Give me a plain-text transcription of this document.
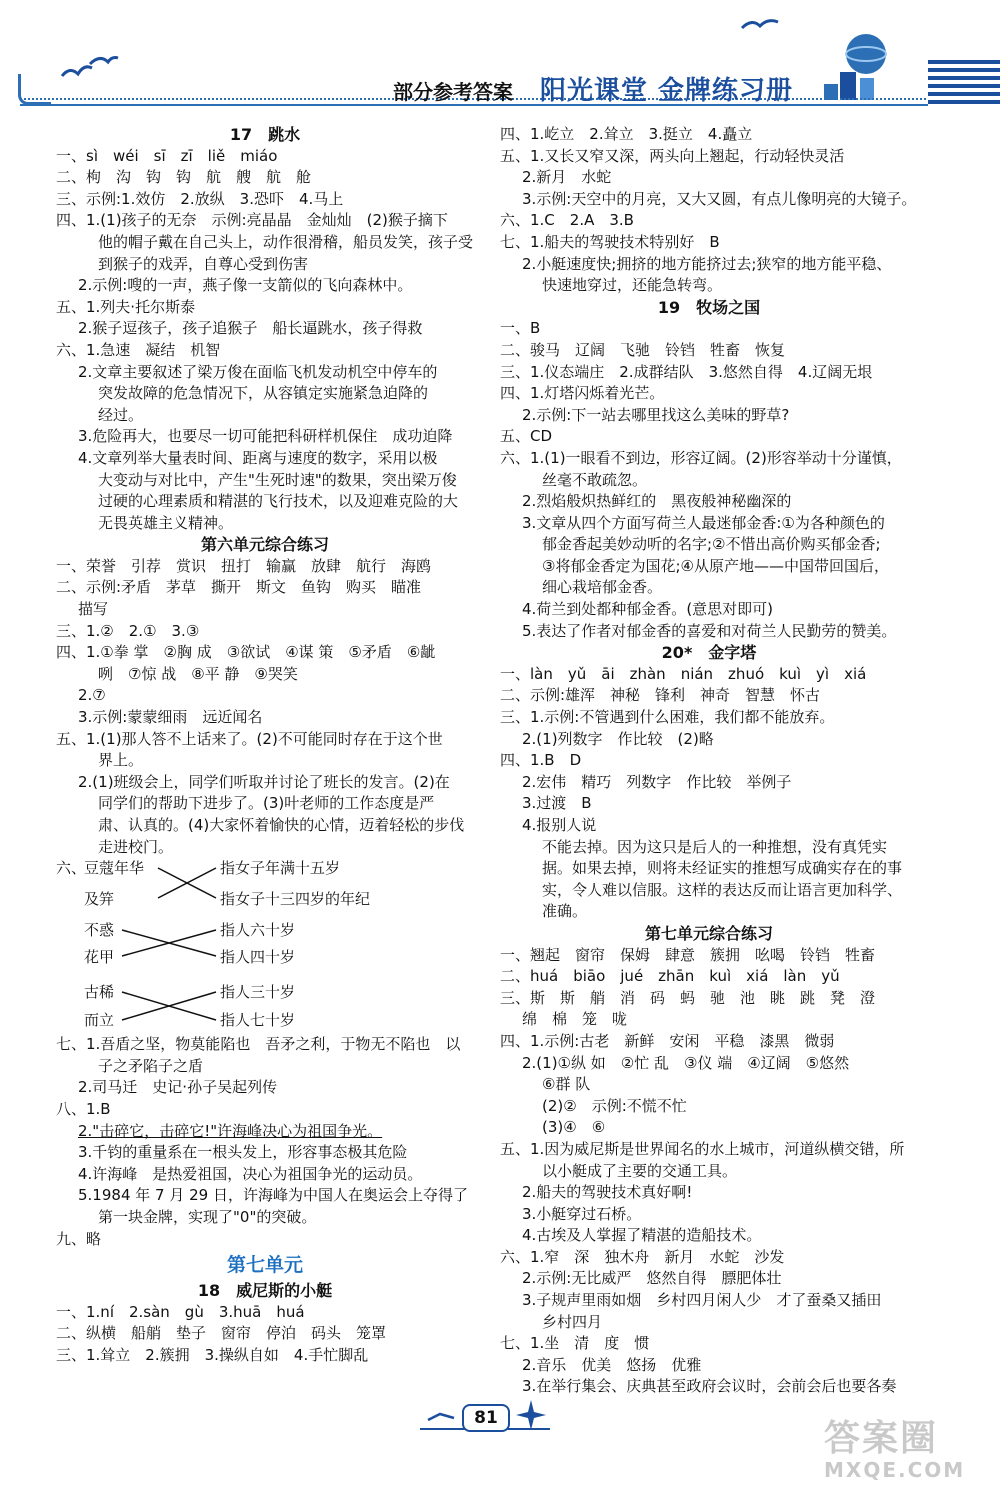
部分参考答案 阳光课堂 金牌练习册
17　跳水
一、sì　wéi　sī　zī　liě　miáo
二、枸　沟　钩　钩　航　艘　航　舱
三、示例:1.效仿　2.放纵　3.恐吓　4.马上
四、1.(1)孩子的无奈　示例:亮晶晶　金灿灿　(2)猴子摘下
他的帽子戴在自己头上，动作很滑稽，船员发笑，孩子受
到猴子的戏弄，自尊心受到伤害
2.示例:嗖的一声，燕子像一支箭似的飞向森林中。
五、1.列夫·托尔斯泰
2.猴子逗孩子，孩子追猴子　船长逼跳水，孩子得救
六、1.急速　凝结　机智
2.文章主要叙述了梁万俊在面临飞机发动机空中停车的
突发故障的危急情况下，从容镇定实施紧急迫降的
经过。
3.危险再大，也要尽一切可能把科研样机保住　成功迫降
4.文章列举大量表时间、距离与速度的数字，采用以极
大变动与对比中，产生"生死时速"的数果，突出梁万俊
过硬的心理素质和精湛的飞行技术，以及迎难克险的大
无畏英雄主义精神。
第六单元综合练习
一、荣誉　引荐　赏识　扭打　输赢　放肆　航行　海鸥
二、示例:矛盾　茅草　撕开　斯文　鱼钩　购买　瞄准
描写
三、1.②　2.①　3.③
四、1.①拳 掌　②胸 成　③欲试　④谋 策　⑤矛盾　⑥龇
咧　⑦惊 战　⑧平 静　⑨哭笑
2.⑦
3.示例:蒙蒙细雨　远近闻名
五、1.(1)那人答不上话来了。(2)不可能同时存在于这个世
界上。
2.(1)班级会上，同学们听取并讨论了班长的发言。(2)在
同学们的帮助下进步了。(3)叶老师的工作态度是严
肃、认真的。(4)大家怀着愉快的心情，迈着轻松的步伐
走进校门。
六、
豆蔻年华
及笄
不惑
花甲
古稀
而立
指女子年满十五岁
指女子十三四岁的年纪
指人六十岁
指人四十岁
指人三十岁
指人七十岁
七、1.吾盾之坚，物莫能陷也　吾矛之利，于物无不陷也　以
子之矛陷子之盾
2.司马迁　史记·孙子吴起列传
八、1.B
2."击碎它，击碎它!"许海峰决心为祖国争光。
3.千钧的重量系在一根头发上，形容事态极其危险
4.许海峰　是热爱祖国，决心为祖国争光的运动员。
5.1984 年 7 月 29 日，许海峰为中国人在奥运会上夺得了
第一块金牌，实现了"0"的突破。
九、略
第七单元
18　威尼斯的小艇
一、1.ní　2.sàn　gù　3.huā　huá
二、纵横　船艄　垫子　窗帘　停泊　码头　笼罩
三、1.耸立　2.簇拥　3.操纵自如　4.手忙脚乱
四、1.屹立　2.耸立　3.挺立　4.矗立
五、1.又长又窄又深，两头向上翘起，行动轻快灵活
2.新月　水蛇
3.示例:天空中的月亮，又大又圆，有点儿像明亮的大镜子。
六、1.C　2.A　3.B
七、1.船夫的驾驶技术特别好　B
2.小艇速度快;拥挤的地方能挤过去;狭窄的地方能平稳、
快速地穿过，还能急转弯。
19　牧场之国
一、B
二、骏马　辽阔　飞驰　铃铛　牲畜　恢复
三、1.仪态端庄　2.成群结队　3.悠然自得　4.辽阔无垠
四、1.灯塔闪烁着光芒。
2.示例:下一站去哪里找这么美味的野草?
五、CD
六、1.(1)一眼看不到边，形容辽阔。(2)形容举动十分谨慎，
丝毫不敢疏忽。
2.烈焰般炽热鲜红的　黑夜般神秘幽深的
3.文章从四个方面写荷兰人最迷郁金香:①为各种颜色的
郁金香起美妙动听的名字;②不惜出高价购买郁金香;
③将郁金香定为国花;④从原产地——中国带回国后，
细心栽培郁金香。
4.荷兰到处都种郁金香。(意思对即可)
5.表达了作者对郁金香的喜爱和对荷兰人民勤劳的赞美。
20*　金字塔
一、làn　yǔ　āi　zhàn　nián　zhuó　kuì　yì　xiá
二、示例:雄浑　神秘　锋利　神奇　智慧　怀古
三、1.示例:不管遇到什么困难，我们都不能放弃。
2.(1)列数字　作比较　(2)略
四、1.B　D
2.宏伟　精巧　列数字　作比较　举例子
3.过渡　B
4.报别人说
不能去掉。因为这只是后人的一种推想，没有真凭实
据。如果去掉，则将未经证实的推想写成确实存在的事
实，令人难以信服。这样的表达反而让语言更加科学、
准确。
第七单元综合练习
一、翘起　窗帘　保姆　肆意　簇拥　吆喝　铃铛　牲畜
二、huá　biāo　jué　zhān　kuì　xiá　làn　yǔ
三、斯　斯　艄　消　码　蚂　驰　池　眺　跳　凳　澄
绵　棉　笼　咙
四、1.示例:古老　新鲜　安闲　平稳　漆黑　微弱
2.(1)①纵 如　②忙 乱　③仪 端　④辽阔　⑤悠然
⑥群 队
(2)②　示例:不慌不忙
(3)④　⑥
五、1.因为威尼斯是世界闻名的水上城市，河道纵横交错，所
以小艇成了主要的交通工具。
2.船夫的驾驶技术真好啊!
3.小艇穿过石桥。
4.古埃及人掌握了精湛的造船技术。
六、1.窄　深　独木舟　新月　水蛇　沙发
2.示例:无比威严　悠然自得　膘肥体壮
3.子规声里雨如烟　乡村四月闲人少　才了蚕桑又插田
乡村四月
七、1.坐　清　度　惯
2.音乐　优美　悠扬　优雅
3.在举行集会、庆典甚至政府会议时，会前会后也要各奏
81	答案圈
MXQE.COM
